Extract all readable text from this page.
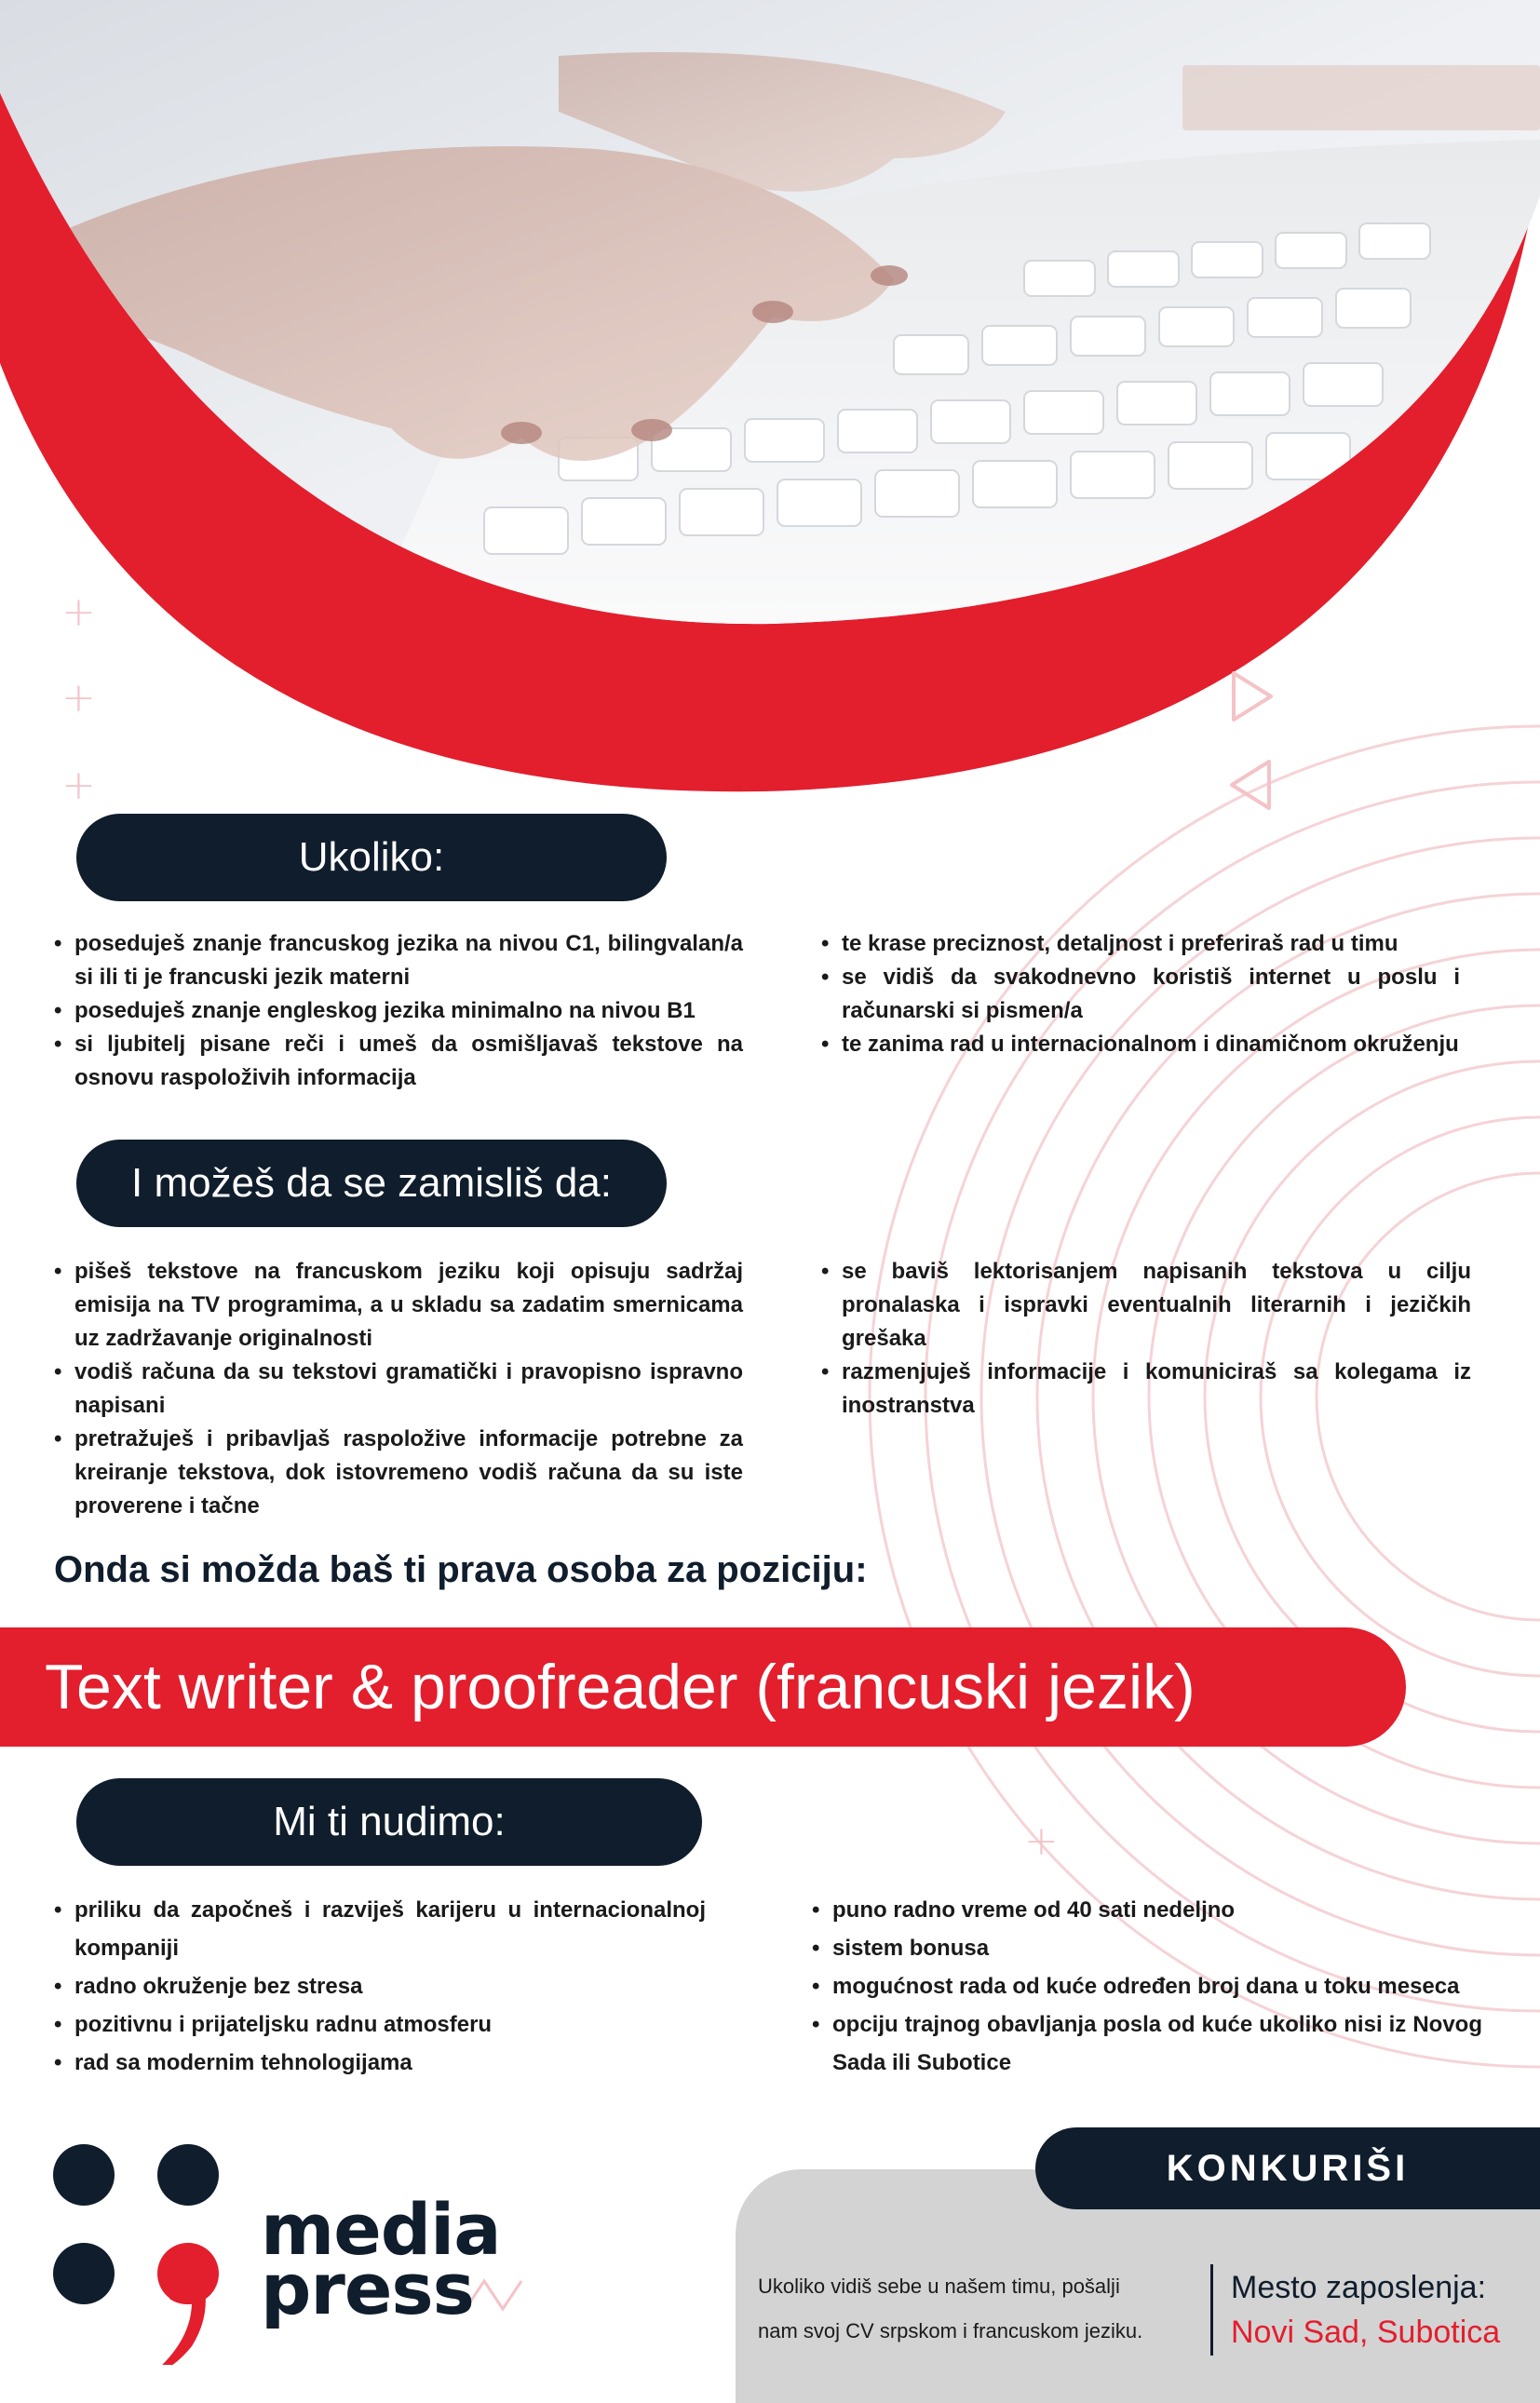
+
+
+
+
Ukoliko:
• poseduješ znanje francuskog jezika na nivou C1, bilingvalan/a si ili ti je francuski jezik materni
• poseduješ znanje engleskog jezika minimalno na nivou B1
• si ljubitelj pisane reči i umeš da osmišljavaš tekstove na osnovu raspoloživih informacija
• te krase preciznost, detaljnost i preferiraš rad u timu
• se vidiš da svakodnevno koristiš internet u poslu i računarski si pismen/a
• te zanima rad u internacionalnom i dinamičnom okruženju
I možeš da se zamisliš da:
• pišeš tekstove na francuskom jeziku koji opisuju sadržaj emisija na TV programima, a u skladu sa zadatim smernicama uz zadržavanje originalnosti
• vodiš računa da su tekstovi gramatički i pravopisno ispravno napisani
• pretražuješ i pribavljaš raspoložive informacije potrebne za kreiranje tekstova, dok istovremeno vodiš računa da su iste proverene i tačne
• se baviš lektorisanjem napisanih tekstova u cilju pronalaska i ispravki eventualnih literarnih i jezičkih grešaka
• razmenjuješ informacije i komuniciraš sa kolegama iz inostranstva

Onda si možda baš ti prava osoba za poziciju:

Text writer & proofreader (francuski jezik)
Mi ti nudimo:
• priliku da započneš i razviješ karijeru u internacionalnoj kompaniji
• radno okruženje bez stresa
• pozitivnu i prijateljsku radnu atmosferu
• rad sa modernim tehnologijama
• puno radno vreme od 40 sati nedeljno
• sistem bonusa
• mogućnost rada od kuće određen broj dana u toku meseca
• opciju trajnog obavljanja posla od kuće ukoliko nisi iz Novog Sada ili Subotice
KONKURIŠI

Ukoliko vidiš sebe u našem timu, pošalji
nam svoj CV srpskom i francuskom jeziku.

Mesto zaposlenja:
Novi Sad, Subotica
media
press
